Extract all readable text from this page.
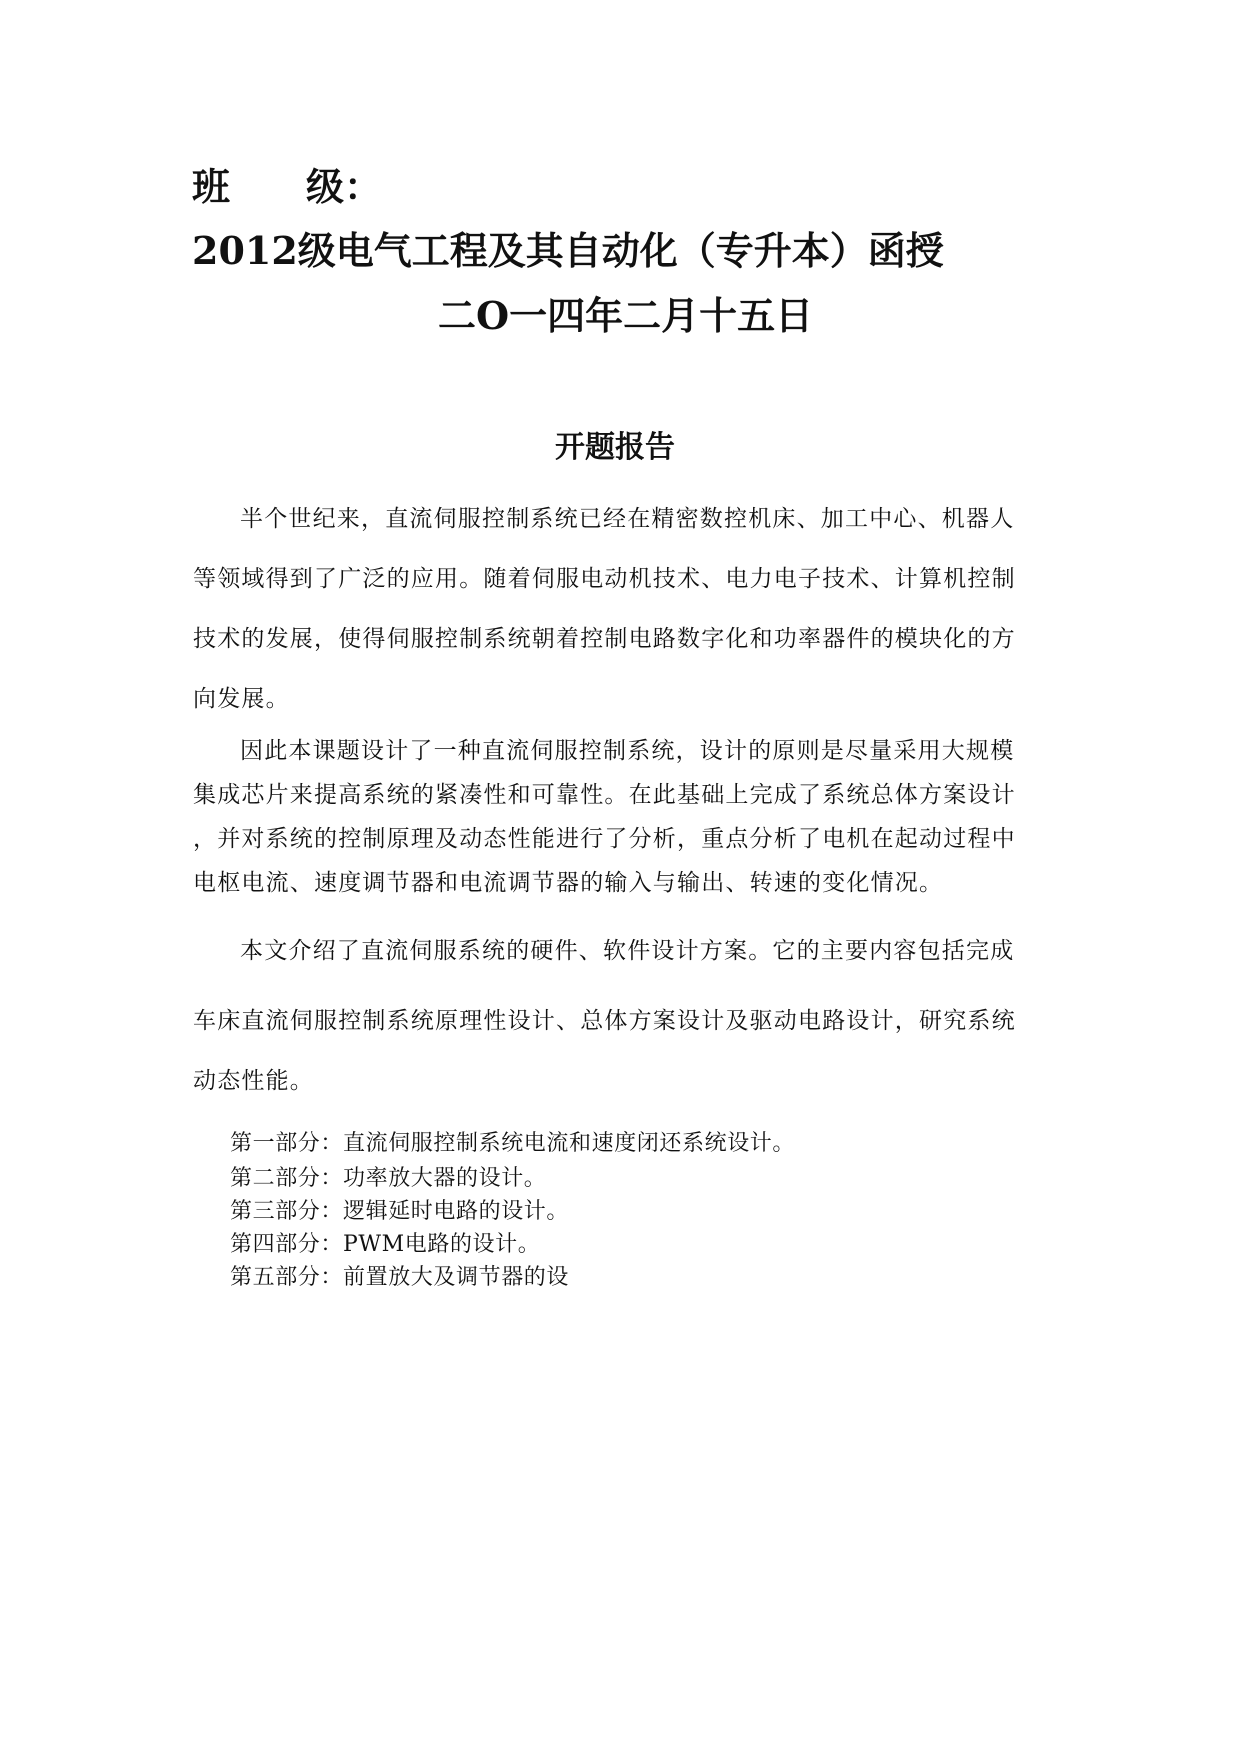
班　　级：
2012级电气工程及其自动化（专升本）函授
二O一四年二月十五日
开题报告
半个世纪来，直流伺服控制系统已经在精密数控机床、加工中心、机器人
等领域得到了广泛的应用。随着伺服电动机技术、电力电子技术、计算机控制
技术的发展，使得伺服控制系统朝着控制电路数字化和功率器件的模块化的方
向发展。
因此本课题设计了一种直流伺服控制系统，设计的原则是尽量采用大规模
集成芯片来提高系统的紧凑性和可靠性。在此基础上完成了系统总体方案设计
，并对系统的控制原理及动态性能进行了分析，重点分析了电机在起动过程中
电枢电流、速度调节器和电流调节器的输入与输出、转速的变化情况。
本文介绍了直流伺服系统的硬件、软件设计方案。它的主要内容包括完成
车床直流伺服控制系统原理性设计、总体方案设计及驱动电路设计，研究系统
动态性能。
第一部分：直流伺服控制系统电流和速度闭还系统设计。
第二部分：功率放大器的设计。
第三部分：逻辑延时电路的设计。
第四部分：PWM电路的设计。
第五部分：前置放大及调节器的设
